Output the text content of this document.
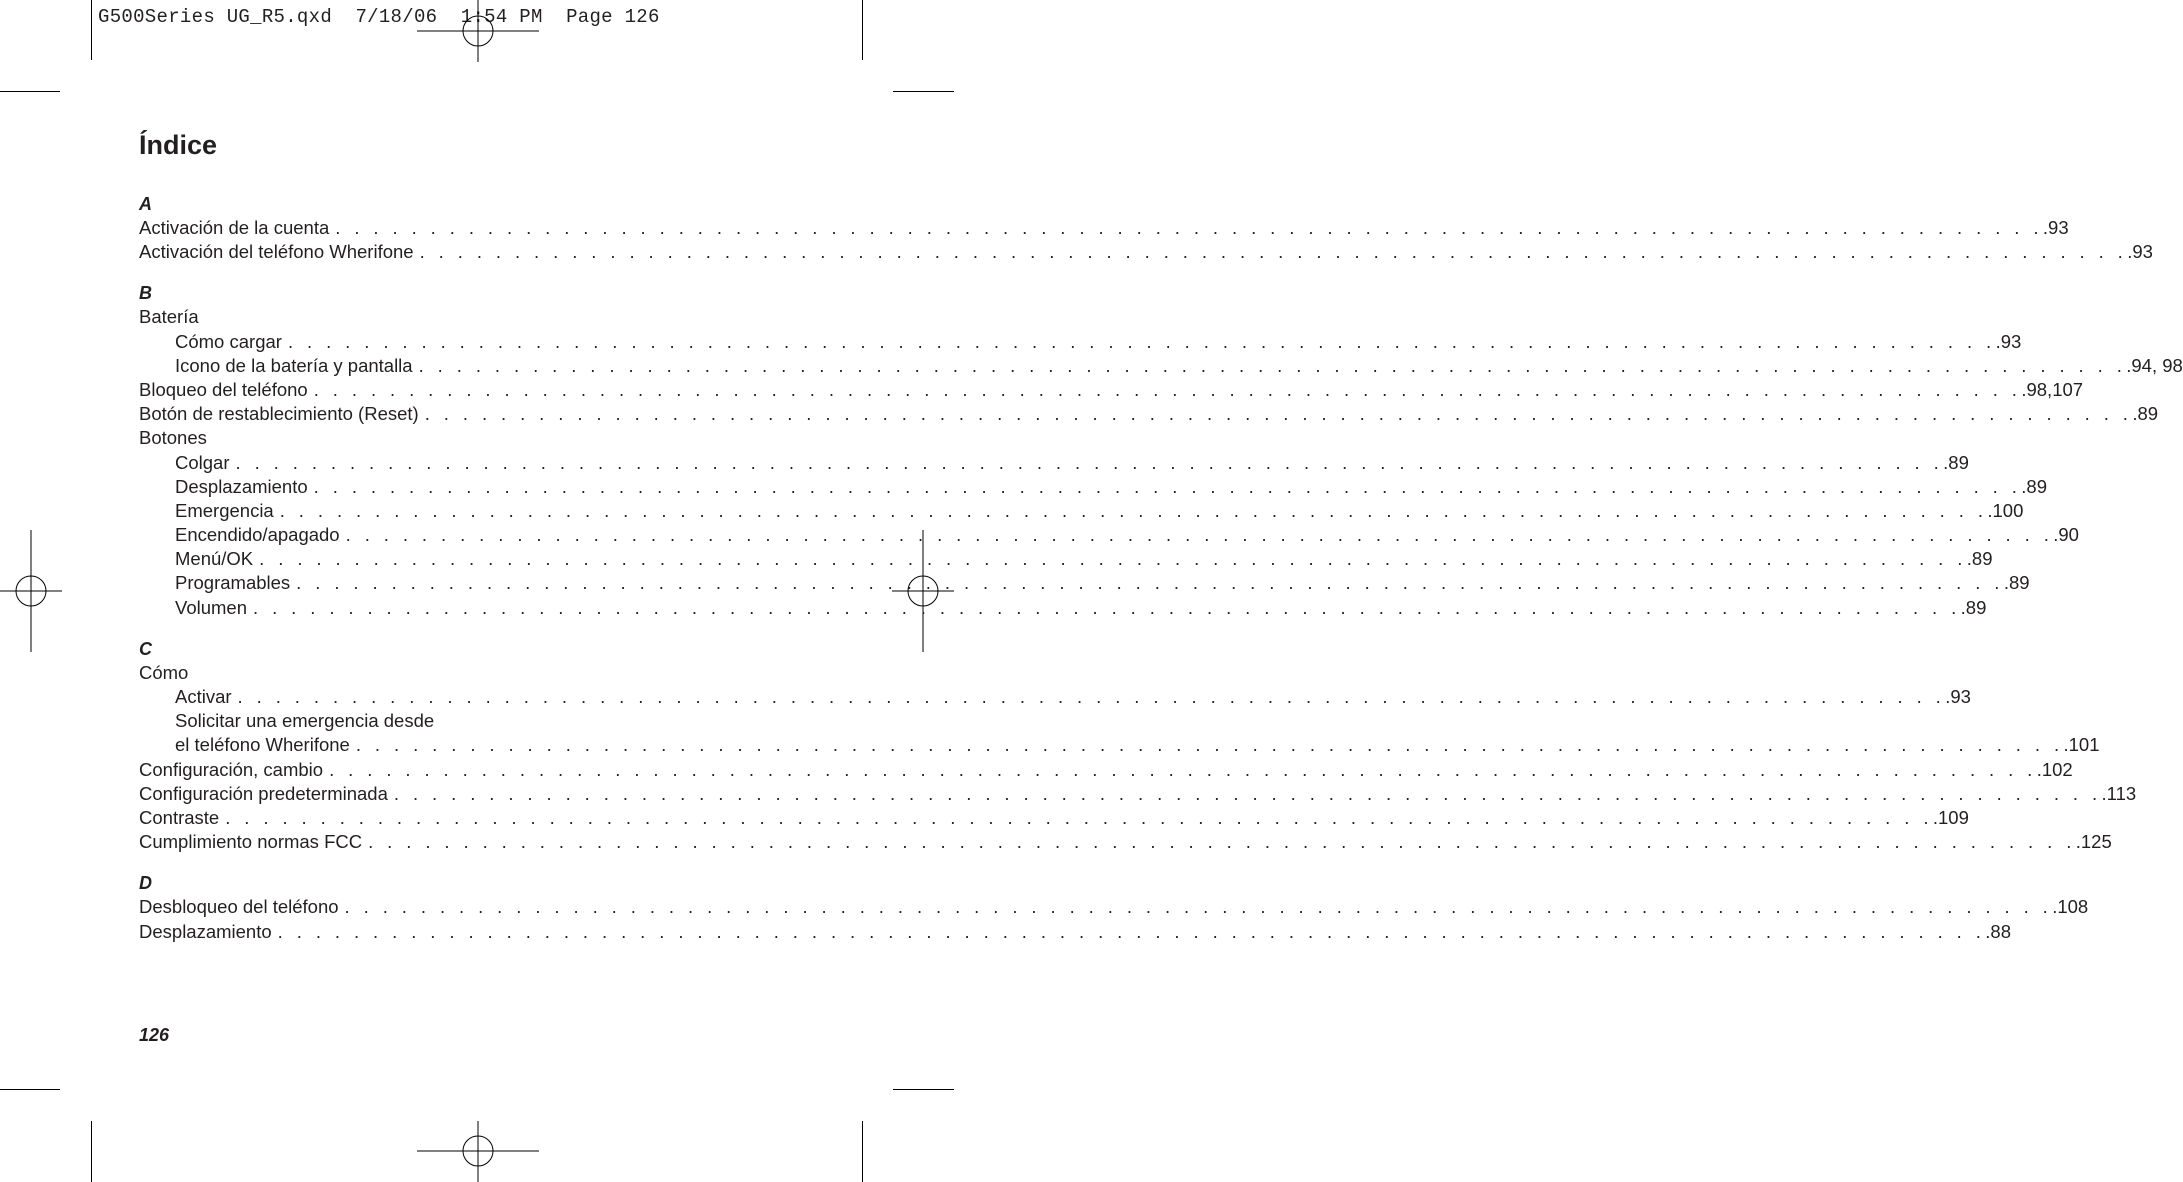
G500Series UG_R5.qxd  7/18/06  1:54 PM  Page 126
Índice
A
Activación de la cuenta . . . . . . . . . . . . . . . . . . . . . . . . . . . . . . . . . . . . . . . . . . . . . . . . . . . . . . . . . . . . . . . . . . . . . . . . . . . . . . . . . . . . . . . . . . .93
Activación del teléfono Wherifone . . . . . . . . . . . . . . . . . . . . . . . . . . . . . . . . . . . . . . . . . . . . . . . . . . . . . . . . . . . . . . . . . . . . . . . . . . . . . . . . . . . . . . . . . . .93
B
Batería
Cómo cargar . . . . . . . . . . . . . . . . . . . . . . . . . . . . . . . . . . . . . . . . . . . . . . . . . . . . . . . . . . . . . . . . . . . . . . . . . . . . . . . . . . . . . . . . . . .93
Icono de la batería y pantalla . . . . . . . . . . . . . . . . . . . . . . . . . . . . . . . . . . . . . . . . . . . . . . . . . . . . . . . . . . . . . . . . . . . . . . . . . . . . . . . . . . . . . . . . . . .94, 98
Bloqueo del teléfono . . . . . . . . . . . . . . . . . . . . . . . . . . . . . . . . . . . . . . . . . . . . . . . . . . . . . . . . . . . . . . . . . . . . . . . . . . . . . . . . . . . . . . . . . . .98,107
Botón de restablecimiento (Reset) . . . . . . . . . . . . . . . . . . . . . . . . . . . . . . . . . . . . . . . . . . . . . . . . . . . . . . . . . . . . . . . . . . . . . . . . . . . . . . . . . . . . . . . . . . .89
Botones
Colgar . . . . . . . . . . . . . . . . . . . . . . . . . . . . . . . . . . . . . . . . . . . . . . . . . . . . . . . . . . . . . . . . . . . . . . . . . . . . . . . . . . . . . . . . . . .89
Desplazamiento . . . . . . . . . . . . . . . . . . . . . . . . . . . . . . . . . . . . . . . . . . . . . . . . . . . . . . . . . . . . . . . . . . . . . . . . . . . . . . . . . . . . . . . . . . .89
Emergencia . . . . . . . . . . . . . . . . . . . . . . . . . . . . . . . . . . . . . . . . . . . . . . . . . . . . . . . . . . . . . . . . . . . . . . . . . . . . . . . . . . . . . . . . . . .100
Encendido/apagado . . . . . . . . . . . . . . . . . . . . . . . . . . . . . . . . . . . . . . . . . . . . . . . . . . . . . . . . . . . . . . . . . . . . . . . . . . . . . . . . . . . . . . . . . . .90
Menú/OK . . . . . . . . . . . . . . . . . . . . . . . . . . . . . . . . . . . . . . . . . . . . . . . . . . . . . . . . . . . . . . . . . . . . . . . . . . . . . . . . . . . . . . . . . . .89
Programables . . . . . . . . . . . . . . . . . . . . . . . . . . . . . . . . . . . . . . . . . . . . . . . . . . . . . . . . . . . . . . . . . . . . . . . . . . . . . . . . . . . . . . . . . . .89
Volumen . . . . . . . . . . . . . . . . . . . . . . . . . . . . . . . . . . . . . . . . . . . . . . . . . . . . . . . . . . . . . . . . . . . . . . . . . . . . . . . . . . . . . . . . . . .89
C
Cómo
Activar . . . . . . . . . . . . . . . . . . . . . . . . . . . . . . . . . . . . . . . . . . . . . . . . . . . . . . . . . . . . . . . . . . . . . . . . . . . . . . . . . . . . . . . . . . .93
Solicitar una emergencia desde
el teléfono Wherifone . . . . . . . . . . . . . . . . . . . . . . . . . . . . . . . . . . . . . . . . . . . . . . . . . . . . . . . . . . . . . . . . . . . . . . . . . . . . . . . . . . . . . . . . . . .101
Configuración, cambio . . . . . . . . . . . . . . . . . . . . . . . . . . . . . . . . . . . . . . . . . . . . . . . . . . . . . . . . . . . . . . . . . . . . . . . . . . . . . . . . . . . . . . . . . . .102
Configuración predeterminada . . . . . . . . . . . . . . . . . . . . . . . . . . . . . . . . . . . . . . . . . . . . . . . . . . . . . . . . . . . . . . . . . . . . . . . . . . . . . . . . . . . . . . . . . . .113
Contraste . . . . . . . . . . . . . . . . . . . . . . . . . . . . . . . . . . . . . . . . . . . . . . . . . . . . . . . . . . . . . . . . . . . . . . . . . . . . . . . . . . . . . . . . . . .109
Cumplimiento normas FCC . . . . . . . . . . . . . . . . . . . . . . . . . . . . . . . . . . . . . . . . . . . . . . . . . . . . . . . . . . . . . . . . . . . . . . . . . . . . . . . . . . . . . . . . . . .125
D
Desbloqueo del teléfono . . . . . . . . . . . . . . . . . . . . . . . . . . . . . . . . . . . . . . . . . . . . . . . . . . . . . . . . . . . . . . . . . . . . . . . . . . . . . . . . . . . . . . . . . . .108
Desplazamiento . . . . . . . . . . . . . . . . . . . . . . . . . . . . . . . . . . . . . . . . . . . . . . . . . . . . . . . . . . . . . . . . . . . . . . . . . . . . . . . . . . . . . . . . . . .88
126
